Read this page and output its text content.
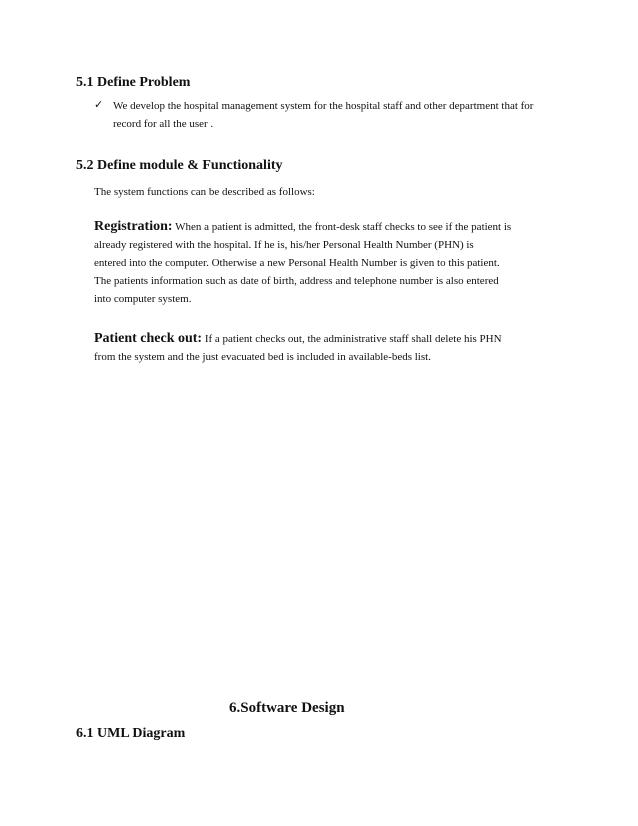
5.1 Define Problem
✓ We develop the hospital management system for the hospital staff and other department that for
record for all the user .
5.2 Define module & Functionality
The system functions can be described as follows:
Registration: When a patient is admitted, the front-desk staff checks to see if the patient is
already registered with the hospital. If he is, his/her Personal Health Number (PHN) is
entered into the computer. Otherwise a new Personal Health Number is given to this patient.
The patients information such as date of birth, address and telephone number is also entered
into computer system.
Patient check out: If a patient checks out, the administrative staff shall delete his PHN
from the system and the just evacuated bed is included in available-beds list.
6.Software Design
6.1 UML Diagram
